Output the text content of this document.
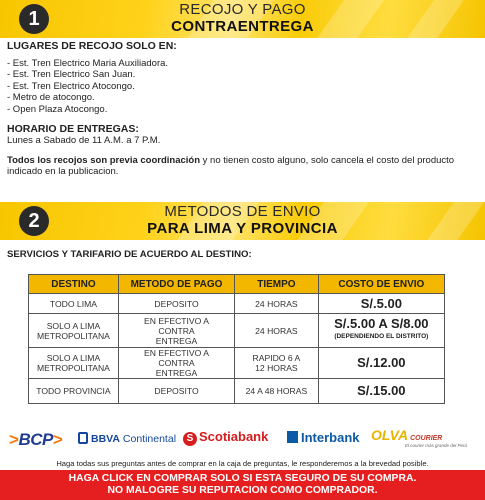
1	RECOJO Y PAGO
CONTRAENTREGA
LUGARES DE RECOJO SOLO EN:
- Est. Tren Electrico Maria Auxiliadora.
- Est. Tren Electrico San Juan.
- Est. Tren Electrico Atocongo.
- Metro de atocongo.
- Open Plaza Atocongo.
HORARIO DE ENTREGAS:
Lunes a Sabado de 11 A.M. a 7 P.M.
Todos los recojos son previa coordinación y no tienen costo alguno, solo cancela el costo del producto indicado en la publicacion.
2	METODOS DE ENVIO
PARA LIMA Y PROVINCIA
SERVICIOS Y TARIFARIO DE ACUERDO AL DESTINO:
DESTINO	METODO DE PAGO	TIEMPO	COSTO DE ENVIO
TODO LIMA	DEPOSITO	24 HORAS	S/.5.00
SOLO A LIMA METROPOLITANA	EN EFECTIVO A CONTRA ENTREGA	24 HORAS	S/.5.00 A S/8.00
(DEPENDIENDO EL DISTRITO)

SOLO A LIMA METROPOLITANA	EN EFECTIVO A CONTRA ENTREGA	RAPIDO 6 A 12 HORAS	S/.12.00
TODO PROVINCIA	DEPOSITO	24 A 48 HORAS	S/.15.00
>BCP>	BBVA Continental	S Scotiabank	Interbank OLVA COURIER
El courier más grande del Perú
Haga todas sus preguntas antes de comprar en la caja de preguntas, le responderemos a la brevedad posible.
HAGA CLICK EN COMPRAR SOLO SI ESTA SEGURO DE SU COMPRA.
NO MALOGRE SU REPUTACION COMO COMPRADOR.
